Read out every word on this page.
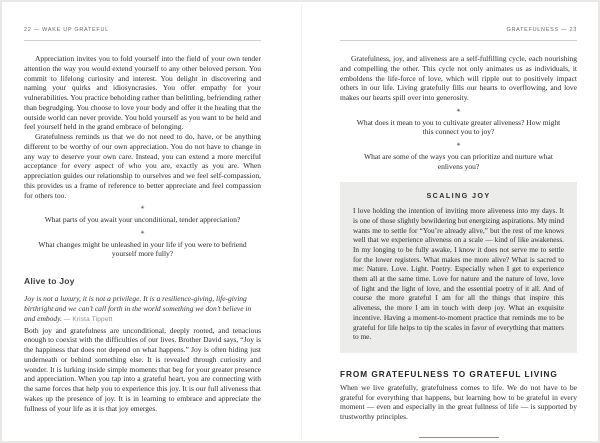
22 — WAKE UP GRATEFUL

Appreciation invites you to fold yourself into the field of your own tender attention the way you would extend yourself to any other beloved person. You commit to lifelong curiosity and interest. You delight in discovering and naming your quirks and idiosyncrasies. You offer empathy for your vulnerabilities. You practice beholding rather than belittling, befriending rather than begrudging. You choose to love your body and offer it the healing that the outside world can never provide. You hold yourself as you want to be held and feel yourself held in the grand embrace of belonging.

Gratefulness reminds us that we do not need to do, have, or be anything different to be worthy of our own appreciation. You do not have to change in any way to deserve your own care. Instead, you can extend a more merciful acceptance for every aspect of who you are, exactly as you are. When appreciation guides our relationship to ourselves and we feel self-compassion, this provides us a frame of reference to better appreciate and feel compassion for others too.

✳

What parts of you await your unconditional, tender appreciation?

✳

What changes might be unleashed in your life if you were to befriend yourself more fully?

Alive to Joy

Joy is not a luxury, it is not a privilege. It is a resilience-giving, life-giving birthright and we can’t call forth in the world something we don’t believe in and embody. — Krista Tippett

Both joy and gratefulness are unconditional, deeply rooted, and tenacious enough to coexist with the difficulties of our lives. Brother David says, “Joy is the happiness that does not depend on what happens.” Joy is often hiding just underneath or behind something else. It is revealed through curiosity and wonder. It is lurking inside simple moments that beg for your greater presence and appreciation. When you tap into a grateful heart, you are connecting with the same forces that help you to experience this joy. It is our full aliveness that wakes up the presence of joy. It is in learning to embrace and appreciate the fullness of your life as it is that joy emerges.

GRATEFULNESS — 23

Gratefulness, joy, and aliveness are a self-fulfilling cycle, each nourishing and compelling the other. This cycle not only animates us as individuals, it emboldens the life-force of love, which will ripple out to positively impact others in our life. Living gratefully fills our hearts to overflowing, and love makes our hearts spill over into generosity.

✳

What does it mean to you to cultivate greater aliveness? How might this connect you to joy?

✳

What are some of the ways you can prioritize and nurture what enlivens you?

SCALING JOY

I love holding the intention of inviting more aliveness into my days. It is one of those slightly bewildering but energizing aspirations. My mind wants me to settle for “You’re already alive,” but the rest of me knows well that we experience aliveness on a scale — kind of like awakeness. In my longing to be fully awake, I know it does not serve me to settle for the lower registers. What makes me more alive? What is sacred to me: Nature. Love. Light. Poetry. Especially when I get to experience them all at the same time. Love for nature and the nature of love, love of light and the light of love, and the essential poetry of it all. And of course the more grateful I am for all the things that inspire this aliveness, the more I am in touch with deep joy. What an exquisite incentive. Having a moment-to-moment practice that reminds me to be grateful for life helps to tip the scales in favor of everything that matters to me.

FROM GRATEFULNESS TO GRATEFUL LIVING

When we live gratefully, gratefulness comes to life. We do not have to be grateful for everything that happens, but learning how to be grateful in every moment — even and especially in the great fullness of life — is supported by trustworthy principles.
